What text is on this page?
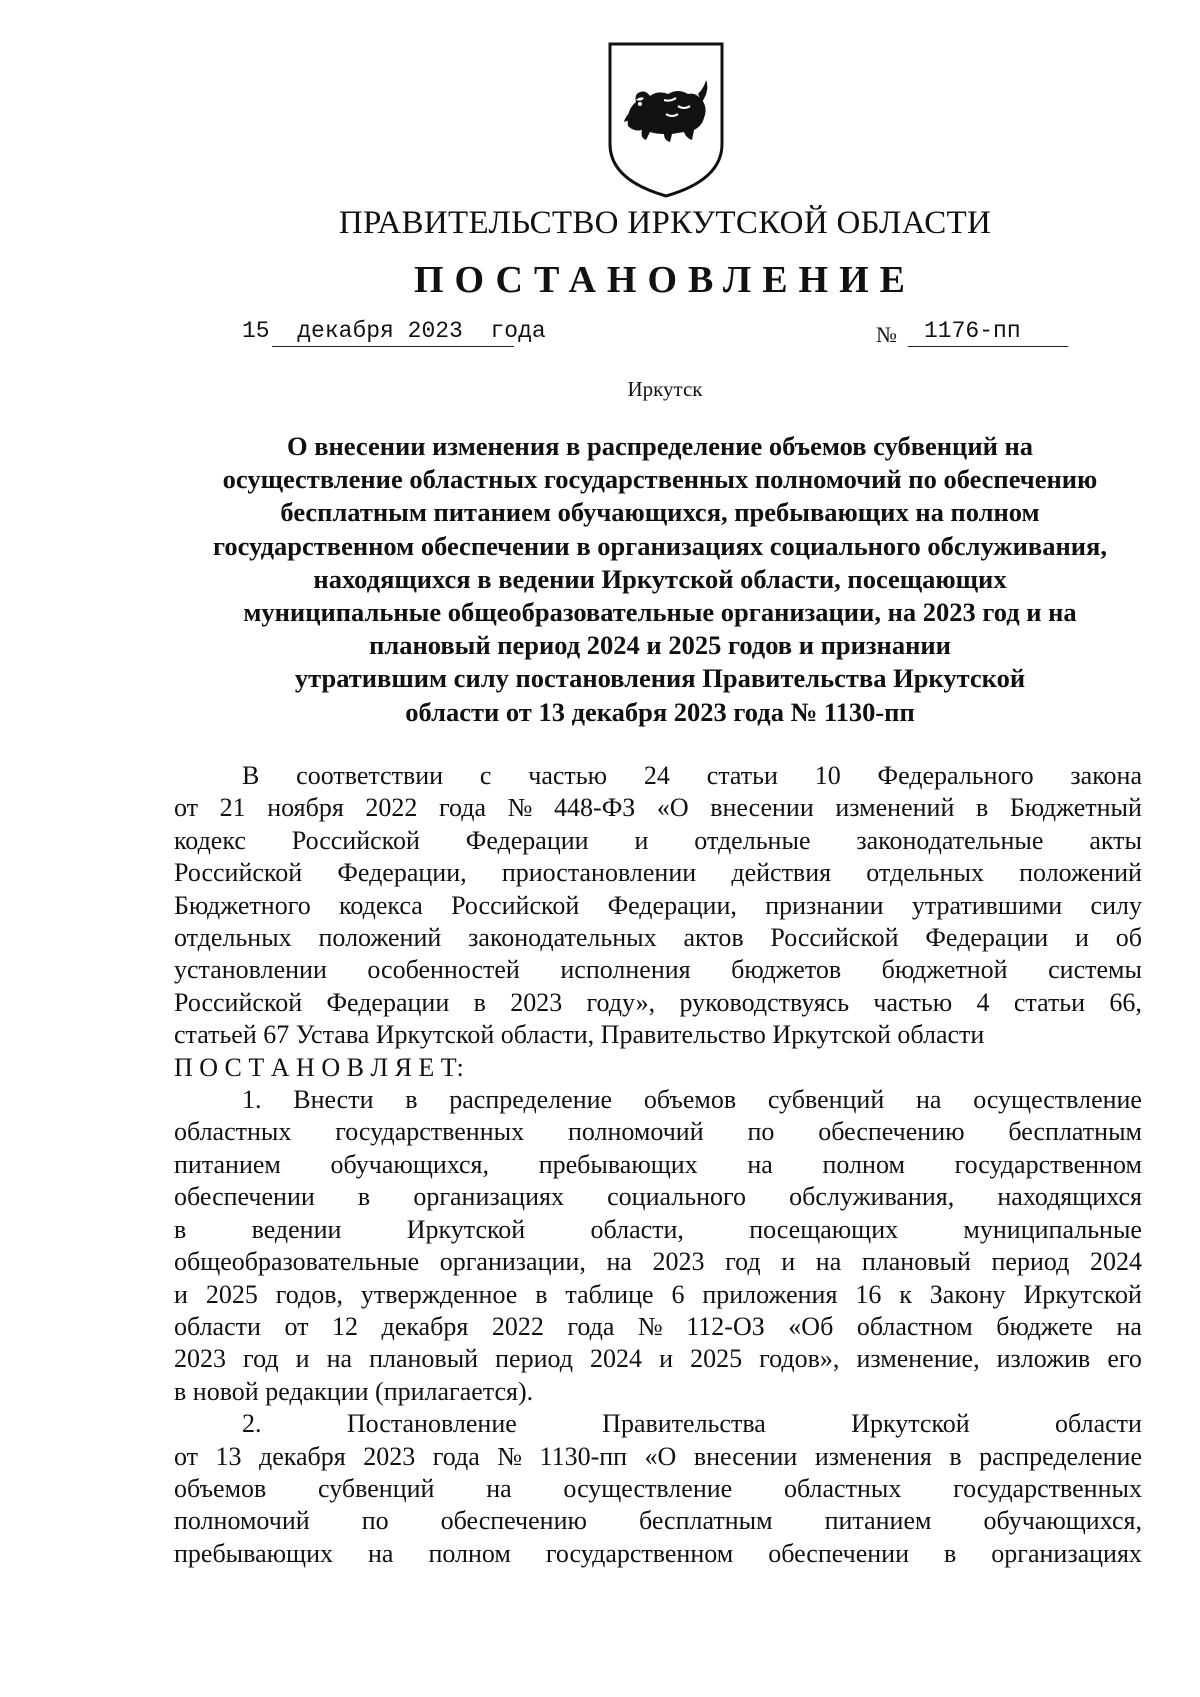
ПРАВИТЕЛЬСТВО ИРКУТСКОЙ ОБЛАСТИ
ПОСТАНОВЛЕНИЕ
15 декабря 2023 года	№ 1176-пп
Иркутск
О внесении изменения в распределение объемов субвенций на
осуществление областных государственных полномочий по обеспечению
бесплатным питанием обучающихся, пребывающих на полном
государственном обеспечении в организациях социального обслуживания,
находящихся в ведении Иркутской области, посещающих
муниципальные общеобразовательные организации, на 2023 год и на
плановый период 2024 и 2025 годов и признании
утратившим силу постановления Правительства Иркутской
области от 13 декабря 2023 года № 1130-пп
В соответствии с частью 24 статьи 10 Федерального закона
от 21 ноября 2022 года № 448-ФЗ «О внесении изменений в Бюджетный
кодекс Российской Федерации и отдельные законодательные акты
Российской Федерации, приостановлении действия отдельных положений
Бюджетного кодекса Российской Федерации, признании утратившими силу
отдельных положений законодательных актов Российской Федерации и об
установлении особенностей исполнения бюджетов бюджетной системы
Российской Федерации в 2023 году», руководствуясь частью 4 статьи 66,
статьей 67 Устава Иркутской области, Правительство Иркутской области
П О С Т А Н О В Л Я Е Т:
1. Внести в распределение объемов субвенций на осуществление
областных государственных полномочий по обеспечению бесплатным
питанием обучающихся, пребывающих на полном государственном
обеспечении в организациях социального обслуживания, находящихся
в	ведении	Иркутской	области,	посещающих	муниципальные
общеобразовательные организации, на 2023 год и на плановый период 2024
и 2025 годов, утвержденное в таблице 6 приложения 16 к Закону Иркутской
области от 12 декабря 2022 года № 112-ОЗ «Об областном бюджете на
2023 год и на плановый период 2024 и 2025 годов», изменение, изложив его
в новой редакции (прилагается).
2.	Постановление	Правительства	Иркутской	области
от 13 декабря 2023 года № 1130-пп «О внесении изменения в распределение
объемов субвенций на осуществление областных государственных
полномочий по обеспечению бесплатным питанием обучающихся,
пребывающих на полном государственном обеспечении в организациях
